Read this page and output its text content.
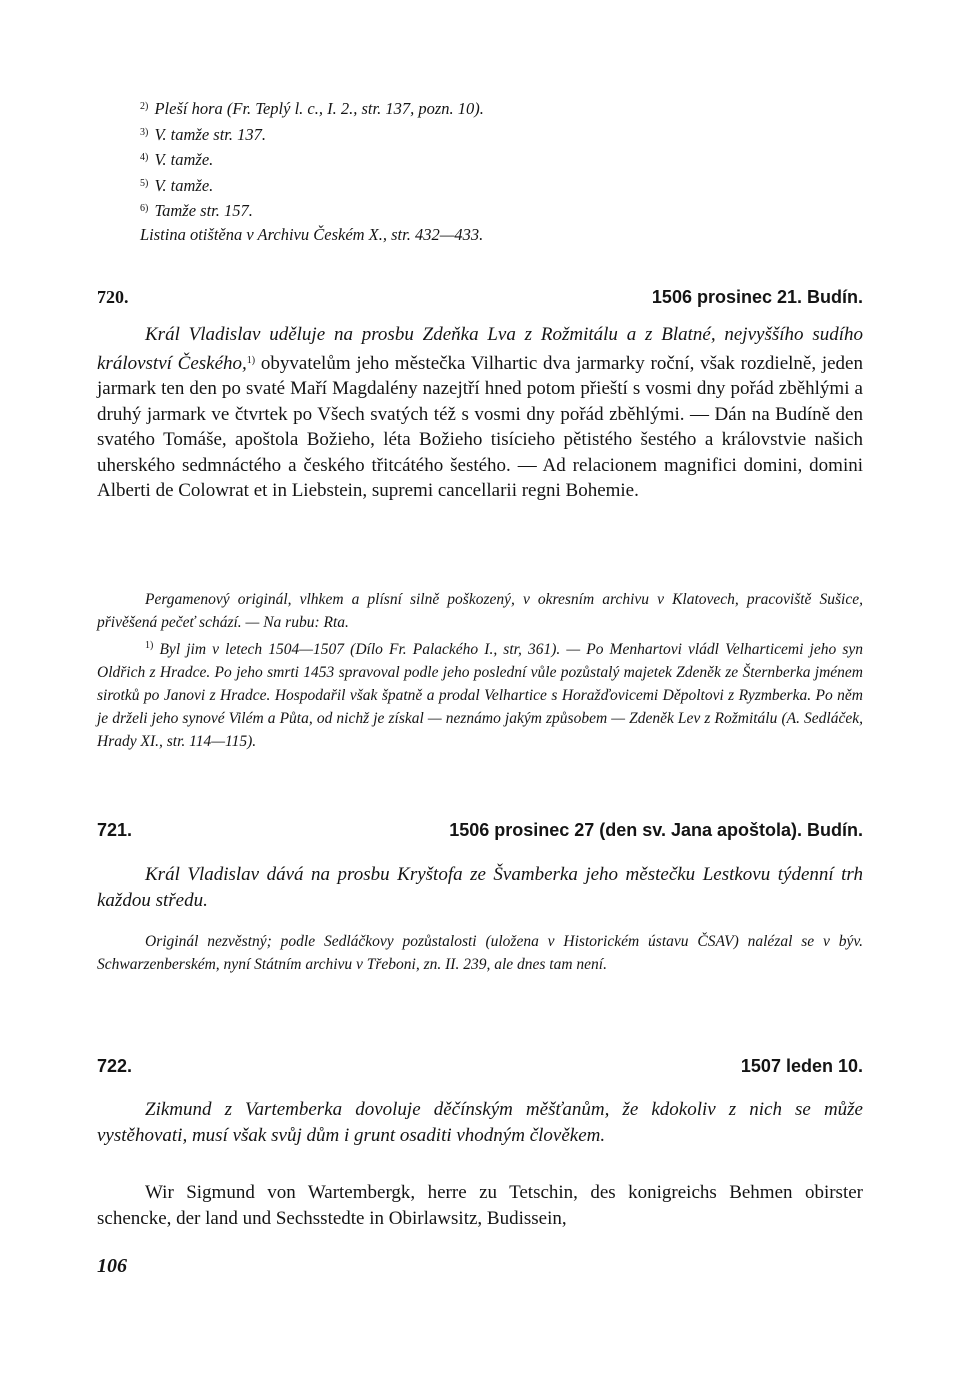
$^{2)}$ Pleší hora (Fr. Teplý l. c., I. 2., str. 137, pozn. 10).
$^{3)}$ V. tamže str. 137.
$^{4)}$ V. tamže.
$^{5)}$ V. tamže.
$^{6)}$ Tamže str. 157.
Listina otištěna v Archivu Českém X., str. 432—433.
720.	1506 prosinec 21. Budín.
Král Vladislav uděluje na prosbu Zdeňka Lva z Rožmitálu a z Blatné, nejvyššího sudího království Českého,$^{1)}$ obyvatelům jeho městečka Vilhartic dva jarmarky roční, však rozdielně, jeden jarmark ten den po svaté Maří Magdalény nazejtří hned potom přieští s vosmi dny pořád zběhlými a druhý jarmark ve čtvrtek po Všech svatých též s vosmi dny pořád zběhlými. — Dán na Budíně den svatého Tomáše, apoštola Božieho, léta Božieho tisícieho pětistého šestého a královstvie našich uherského sedmnáctého a českého třitcátého šestého. — Ad relacionem magnifici domini, domini Alberti de Colowrat et in Liebstein, supremi cancellarii regni Bohemie.
Pergamenový originál, vlhkem a plísní silně poškozený, v okresním archivu v Klatovech, pracoviště Sušice, přivěšená pečeť schází. — Na rubu: Rta.
$^{1)}$ Byl jim v letech 1504—1507 (Dílo Fr. Palackého I., str, 361). — Po Menhartovi vládl Velharticemi jeho syn Oldřich z Hradce. Po jeho smrti 1453 spravoval podle jeho poslední vůle pozůstalý majetek Zdeněk ze Šternberka jménem sirotků po Janovi z Hradce. Hospodařil však špatně a prodal Velhartice s Horažďovicemi Děpoltovi z Ryzmberka. Po něm je drželi jeho synové Vilém a Půta, od nichž je získal — neznámo jakým způsobem — Zdeněk Lev z Rožmitálu (A. Sedláček, Hrady XI., str. 114—115).
721.	1506 prosinec 27 (den sv. Jana apoštola). Budín.
Král Vladislav dává na prosbu Kryštofa ze Švamberka jeho městečku Lestkovu týdenní trh každou středu.
Originál nezvěstný; podle Sedláčkovy pozůstalosti (uložena v Historickém ústavu ČSAV) nalézal se v býv. Schwarzenberském, nyní Státním archivu v Třeboni, zn. II. 239, ale dnes tam není.
722.	1507 leden 10.
Zikmund z Vartemberka dovoluje děčínským měšťanům, že kdokoliv z nich se může vystěhovati, musí však svůj dům i grunt osaditi vhodným člověkem.
Wir Sigmund von Wartembergk, herre zu Tetschin, des konigreichs Behmen obirster schencke, der land und Sechsstedte in Obirlawsitz, Budissein,
106
